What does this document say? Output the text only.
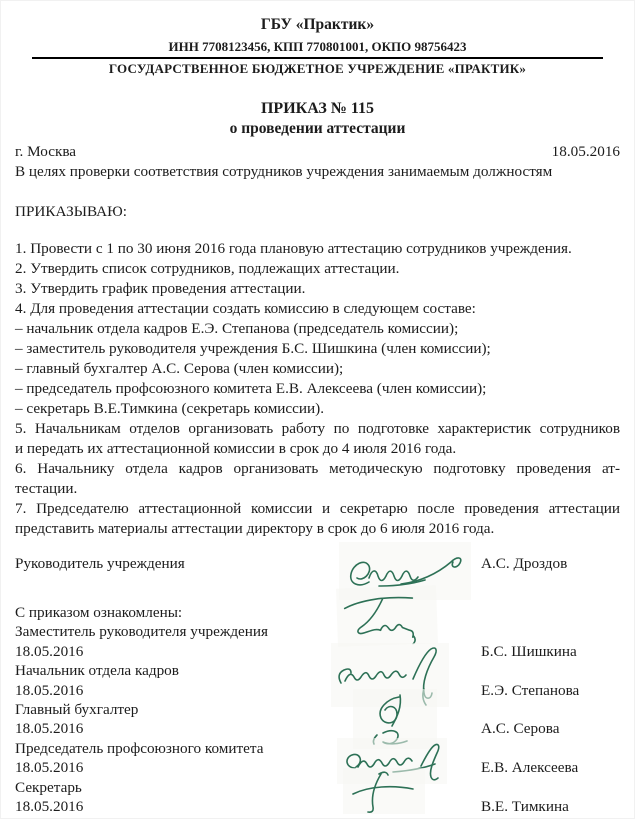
ГБУ «Практик»
ИНН 7708123456, КПП 770801001, ОКПО 98756423
ГОСУДАРСТВЕННОЕ БЮДЖЕТНОЕ УЧРЕЖДЕНИЕ «ПРАКТИК»
ПРИКАЗ № 115
о проведении аттестации
г. Москва	18.05.2016
В целях проверки соответствия сотрудников учреждения занимаемым должностям
ПРИКАЗЫВАЮ:
1. Провести с 1 по 30 июня 2016 года плановую аттестацию сотрудников учреждения.
2. Утвердить список сотрудников, подлежащих аттестации.
3. Утвердить график проведения аттестации.
4. Для проведения аттестации создать комиссию в следующем составе:
– начальник отдела кадров Е.Э. Степанова (председатель комиссии);
– заместитель руководителя учреждения Б.С. Шишкина (член комиссии);
– главный бухгалтер А.С. Серова (член комиссии);
– председатель профсоюзного комитета Е.В. Алексеева (член комиссии);
– секретарь В.Е.Тимкина (секретарь комиссии).
5. Начальникам отделов организовать работу по подготовке характеристик сотрудников
и передать их аттестационной комиссии в срок до 4 июля 2016 года.
6. Начальнику отдела кадров организовать методическую подготовку проведения ат-
тестации.
7. Председателю аттестационной комиссии и секретарю после проведения аттестации
представить материалы аттестации директору в срок до 6 июля 2016 года.
Руководитель учреждения	А.С. Дроздов
С приказом ознакомлены:
Заместитель руководителя учреждения
18.05.2016	Б.С. Шишкина
Начальник отдела кадров
18.05.2016	Е.Э. Степанова
Главный бухгалтер
18.05.2016	А.С. Серова
Председатель профсоюзного комитета
18.05.2016	Е.В. Алексеева
Секретарь
18.05.2016	В.Е. Тимкина
